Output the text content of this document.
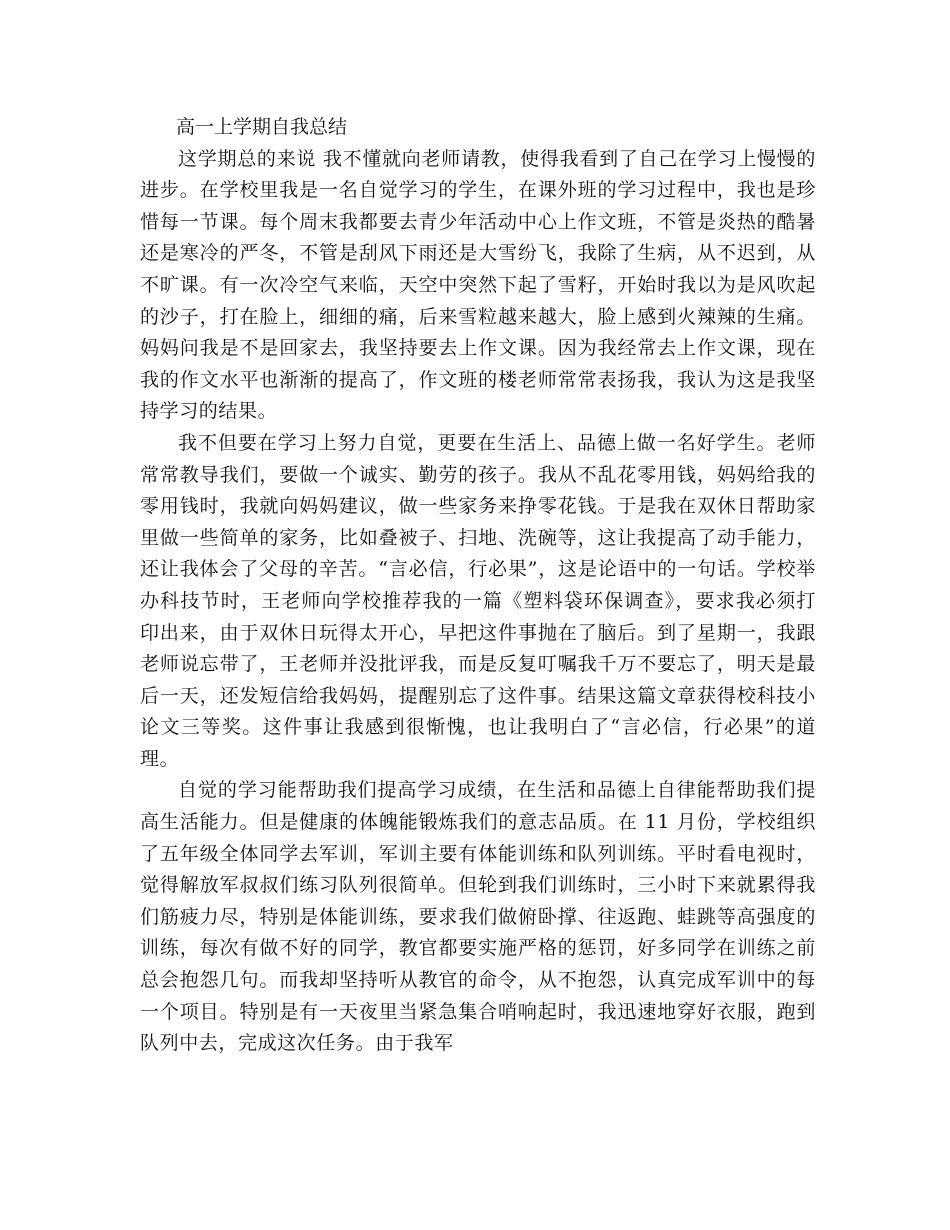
高一上学期自我总结

这学期总的来说 我不懂就向老师请教，使得我看到了自己在学习上慢慢的进步。在学校里我是一名自觉学习的学生，在课外班的学习过程中，我也是珍惜每一节课。每个周末我都要去青少年活动中心上作文班，不管是炎热的酷暑还是寒冷的严冬，不管是刮风下雨还是大雪纷飞，我除了生病，从不迟到，从不旷课。有一次冷空气来临，天空中突然下起了雪籽，开始时我以为是风吹起的沙子，打在脸上，细细的痛，后来雪粒越来越大，脸上感到火辣辣的生痛。妈妈问我是不是回家去，我坚持要去上作文课。因为我经常去上作文课，现在我的作文水平也渐渐的提高了，作文班的楼老师常常表扬我，我认为这是我坚持学习的结果。

我不但要在学习上努力自觉，更要在生活上、品德上做一名好学生。老师常常教导我们，要做一个诚实、勤劳的孩子。我从不乱花零用钱，妈妈给我的零用钱时，我就向妈妈建议，做一些家务来挣零花钱。于是我在双休日帮助家里做一些简单的家务，比如叠被子、扫地、洗碗等，这让我提高了动手能力，还让我体会了父母的辛苦。“言必信，行必果”，这是论语中的一句话。学校举办科技节时，王老师向学校推荐我的一篇《塑料袋环保调查》，要求我必须打印出来，由于双休日玩得太开心，早把这件事抛在了脑后。到了星期一，我跟老师说忘带了，王老师并没批评我，而是反复叮嘱我千万不要忘了，明天是最后一天，还发短信给我妈妈，提醒别忘了这件事。结果这篇文章获得校科技小论文三等奖。这件事让我感到很惭愧，也让我明白了“言必信，行必果”的道理。

自觉的学习能帮助我们提高学习成绩，在生活和品德上自律能帮助我们提高生活能力。但是健康的体魄能锻炼我们的意志品质。在 11 月份，学校组织了五年级全体同学去军训，军训主要有体能训练和队列训练。平时看电视时，觉得解放军叔叔们练习队列很简单。但轮到我们训练时，三小时下来就累得我们筋疲力尽，特别是体能训练，要求我们做俯卧撑、往返跑、蛙跳等高强度的训练，每次有做不好的同学，教官都要实施严格的惩罚，好多同学在训练之前总会抱怨几句。而我却坚持听从教官的命令，从不抱怨，认真完成军训中的每一个项目。特别是有一天夜里当紧急集合哨响起时，我迅速地穿好衣服，跑到队列中去，完成这次任务。由于我军
